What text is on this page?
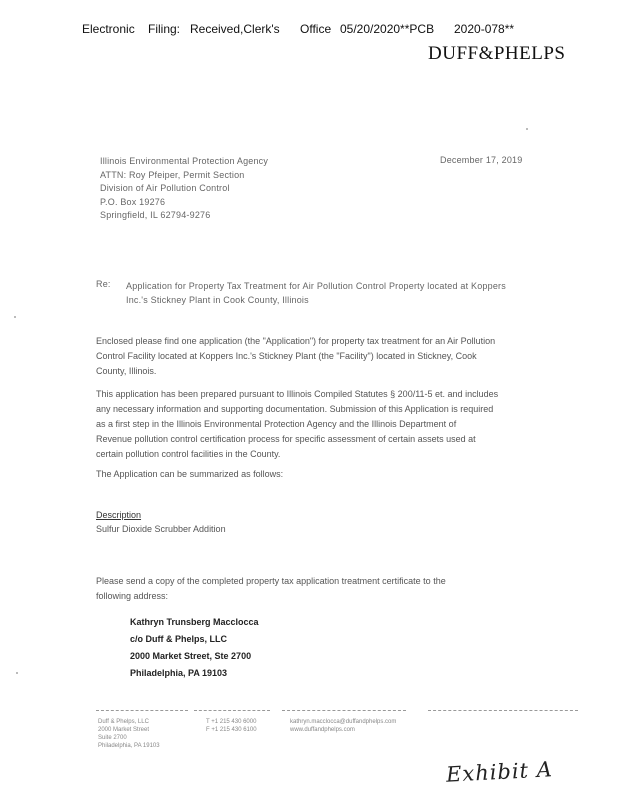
Electronic Filing: Received,Clerk's Office 05/20/2020**PCB 2020-078**
DUFF&PHELPS
Illinois Environmental Protection Agency
ATTN: Roy Pfeiper, Permit Section
Division of Air Pollution Control
P.O. Box 19276
Springfield, IL 62794-9276
December 17, 2019
Re: Application for Property Tax Treatment for Air Pollution Control Property located at Koppers
Inc.'s Stickney Plant in Cook County, Illinois
Enclosed please find one application (the "Application") for property tax treatment for an Air Pollution
Control Facility located at Koppers Inc.'s Stickney Plant (the "Facility") located in Stickney, Cook
County, Illinois.
This application has been prepared pursuant to Illinois Compiled Statutes § 200/11-5 et. and includes
any necessary information and supporting documentation. Submission of this Application is required
as a first step in the Illinois Environmental Protection Agency and the Illinois Department of
Revenue pollution control certification process for specific assessment of certain assets used at
certain pollution control facilities in the County.
The Application can be summarized as follows:
Description
Sulfur Dioxide Scrubber Addition
Please send a copy of the completed property tax application treatment certificate to the
following address:
Kathryn Trunsberg Macclocca
c/o Duff & Phelps, LLC
2000 Market Street, Ste 2700
Philadelphia, PA 19103
Duff & Phelps, LLC
2000 Market Street
Suite 2700
Philadelphia, PA 19103
T +1 215 430 6000
F +1 215 430 6100
kathryn.macclocca@duffandphelps.com
www.duffandphelps.com
Exhibit A
